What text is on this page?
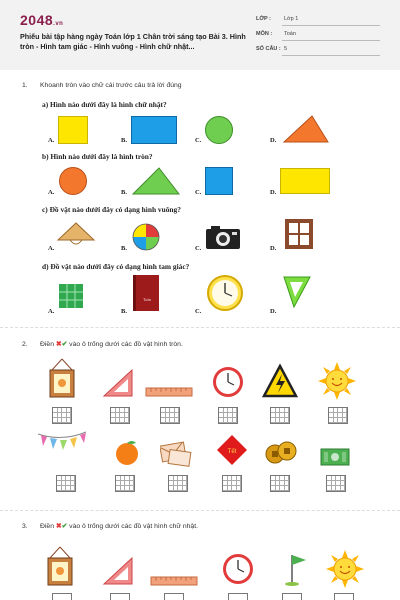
2048.vn
Phiếu bài tập hàng ngày Toán lớp 1 Chân trời sáng tạo Bài 3. Hình tròn - Hình tam giác - Hình vuông - Hình chữ nhật...
LỚP : Lớp 1
MÔN : Toán
SỐ CÂU : 5
1. Khoanh tròn vào chữ cái trước câu trả lời đúng
a) Hình nào dưới đây là hình chữ nhật?
A.	B.	C.	D.
b) Hình nào dưới đây là hình tròn?
A.	B.	C.	D.
c) Đồ vật nào dưới đây có dạng hình vuông?
A.	B.	C.	D.
d) Đồ vật nào dưới đây có dạng hình tam giác?
A.	B.
Toán
C.	D.
2. Điền ✖✔ vào ô trống dưới các đồ vật hình tròn.
Tết
3. Điền ✖✔ vào ô trống dưới các đồ vật hình chữ nhật.
